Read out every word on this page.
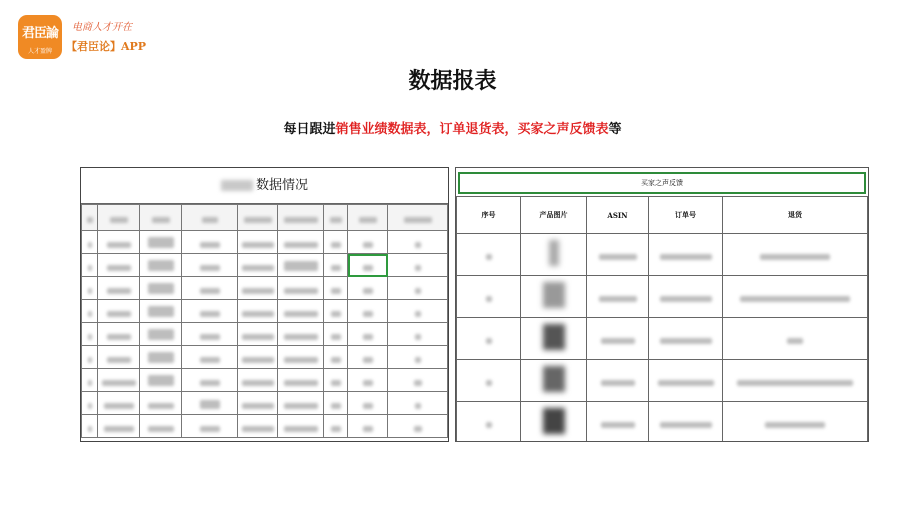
君臣論
人才盈牌
电商人才开在
【君臣论】APP
数据报表
每日跟进销售业绩数据表，订单退货表，买家之声反馈表等
数据情况

									买家之声反馈
序号	产品图片	ASIN	订单号	退货
